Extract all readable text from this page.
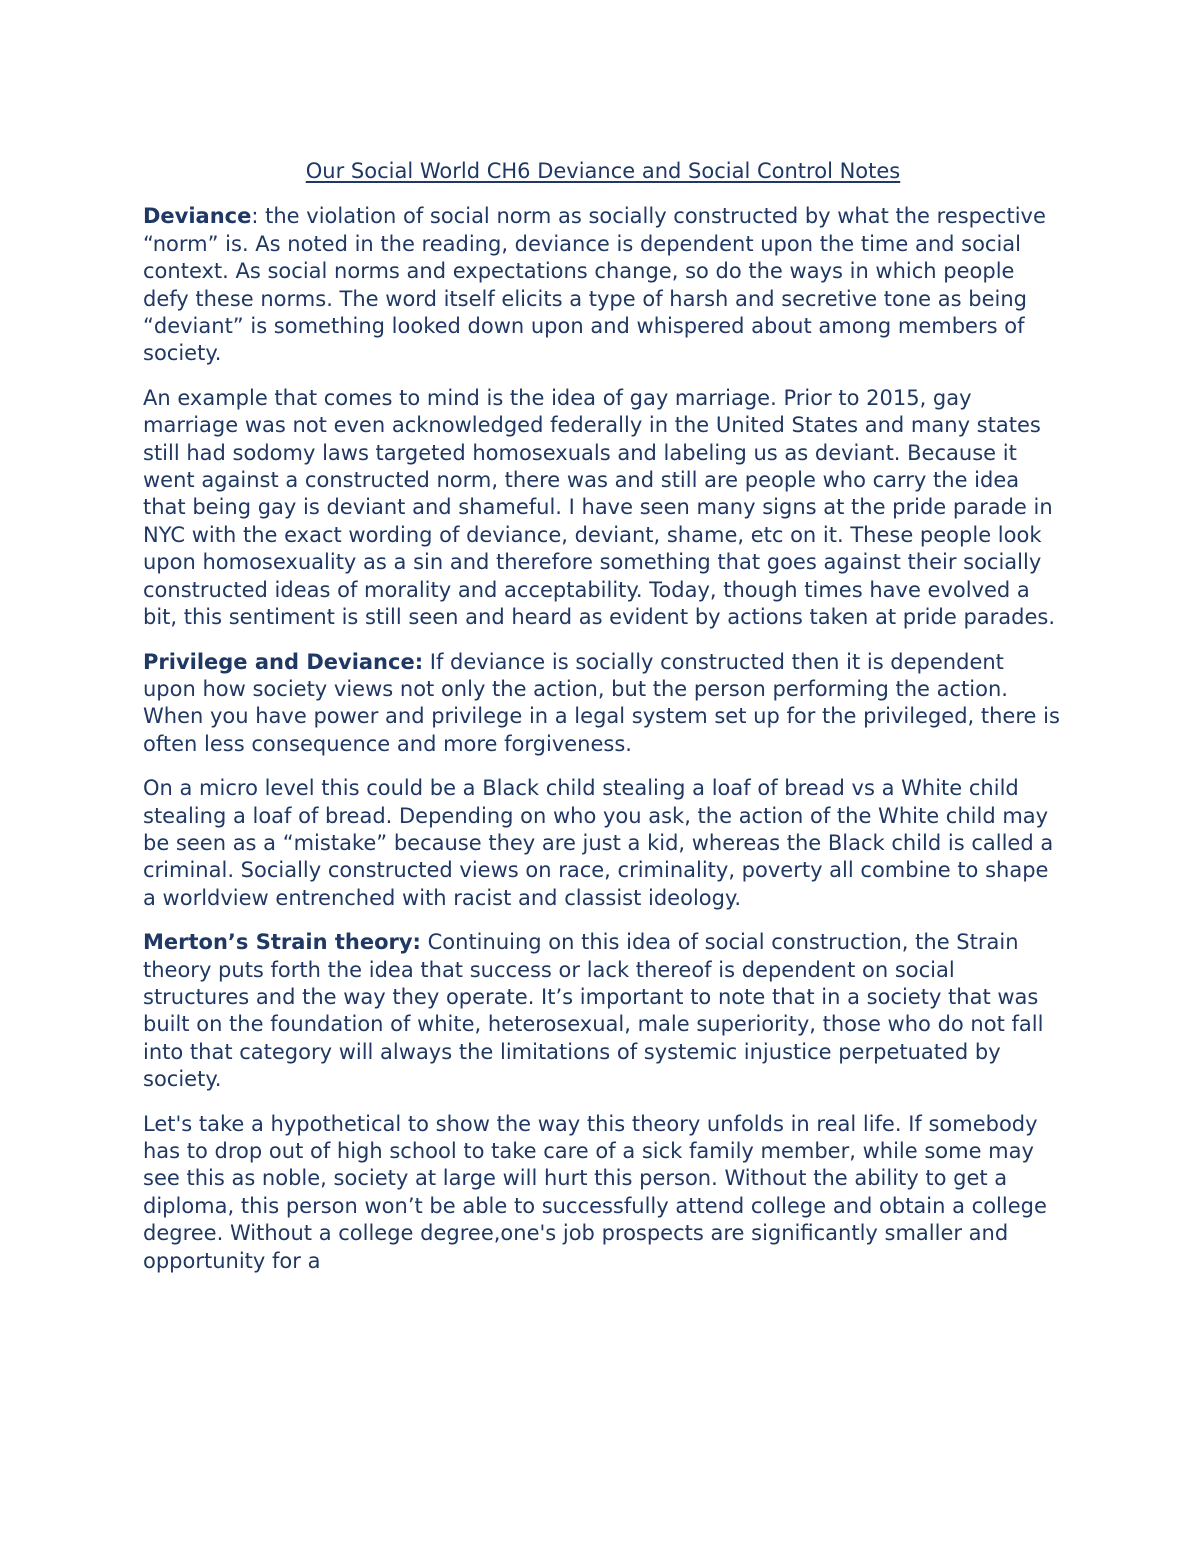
Our Social World CH6 Deviance and Social Control Notes

Deviance: the violation of social norm as socially constructed by what the respective “norm” is. As noted in the reading, deviance is dependent upon the time and social context. As social norms and expectations change, so do the ways in which people defy these norms. The word itself elicits a type of harsh and secretive tone as being “deviant” is something looked down upon and whispered about among members of society.

An example that comes to mind is the idea of gay marriage. Prior to 2015, gay marriage was not even acknowledged federally in the United States and many states still had sodomy laws targeted homosexuals and labeling us as deviant. Because it went against a constructed norm, there was and still are people who carry the idea that being gay is deviant and shameful. I have seen many signs at the pride parade in NYC with the exact wording of deviance, deviant, shame, etc on it. These people look upon homosexuality as a sin and therefore something that goes against their socially constructed ideas of morality and acceptability. Today, though times have evolved a bit, this sentiment is still seen and heard as evident by actions taken at pride parades.

Privilege and Deviance: If deviance is socially constructed then it is dependent upon how society views not only the action, but the person performing the action. When you have power and privilege in a legal system set up for the privileged, there is often less consequence and more forgiveness.

On a micro level this could be a Black child stealing a loaf of bread vs a White child stealing a loaf of bread. Depending on who you ask, the action of the White child may be seen as a “mistake” because they are just a kid, whereas the Black child is called a criminal. Socially constructed views on race, criminality, poverty all combine to shape a worldview entrenched with racist and classist ideology.

Merton’s Strain theory: Continuing on this idea of social construction, the Strain theory puts forth the idea that success or lack thereof is dependent on social structures and the way they operate. It’s important to note that in a society that was built on the foundation of white, heterosexual, male superiority, those who do not fall into that category will always the limitations of systemic injustice perpetuated by society.

Let's take a hypothetical to show the way this theory unfolds in real life. If somebody has to drop out of high school to take care of a sick family member, while some may see this as noble, society at large will hurt this person. Without the ability to get a diploma, this person won’t be able to successfully attend college and obtain a college degree. Without a college degree,one's job prospects are significantly smaller and opportunity for a
